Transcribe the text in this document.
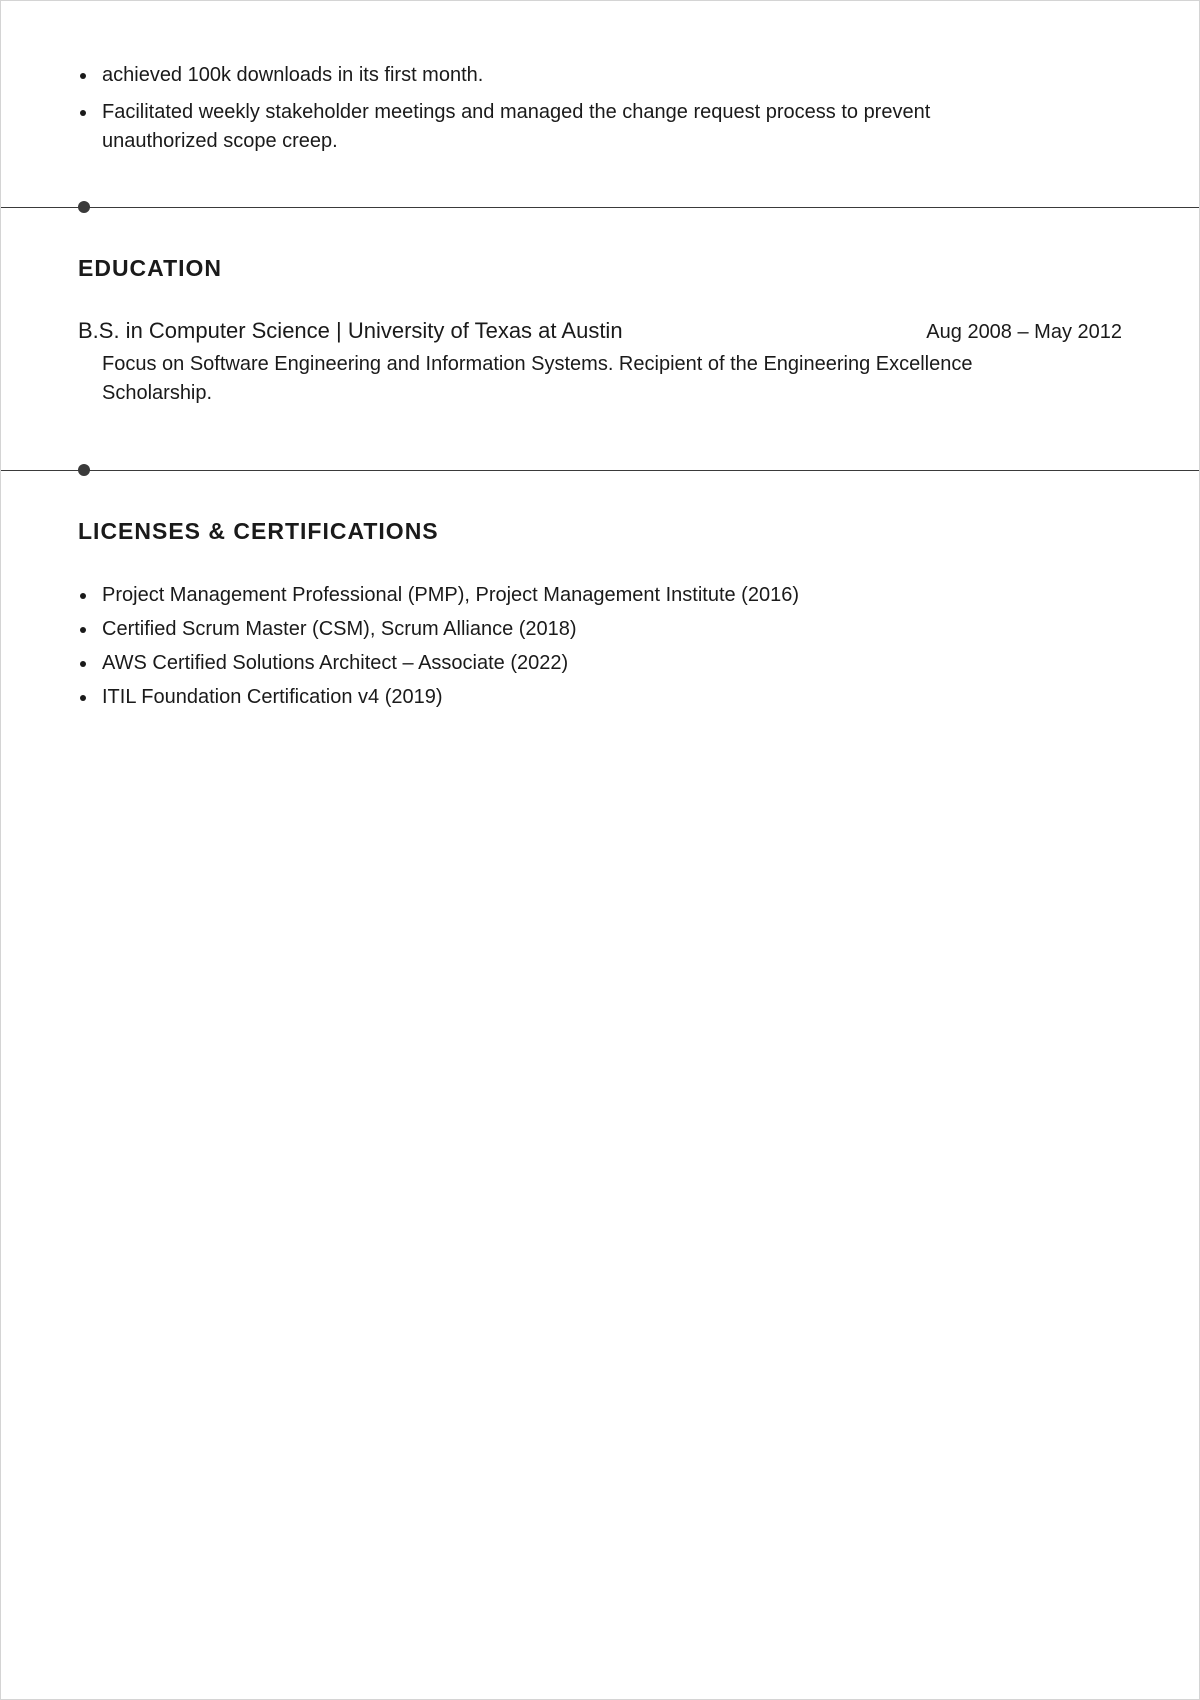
achieved 100k downloads in its first month.
Facilitated weekly stakeholder meetings and managed the change request process to prevent unauthorized scope creep.
EDUCATION
B.S. in Computer Science | University of Texas at Austin	Aug 2008 – May 2012
Focus on Software Engineering and Information Systems. Recipient of the Engineering Excellence Scholarship.
LICENSES & CERTIFICATIONS
Project Management Professional (PMP), Project Management Institute (2016)
Certified Scrum Master (CSM), Scrum Alliance (2018)
AWS Certified Solutions Architect – Associate (2022)
ITIL Foundation Certification v4 (2019)
